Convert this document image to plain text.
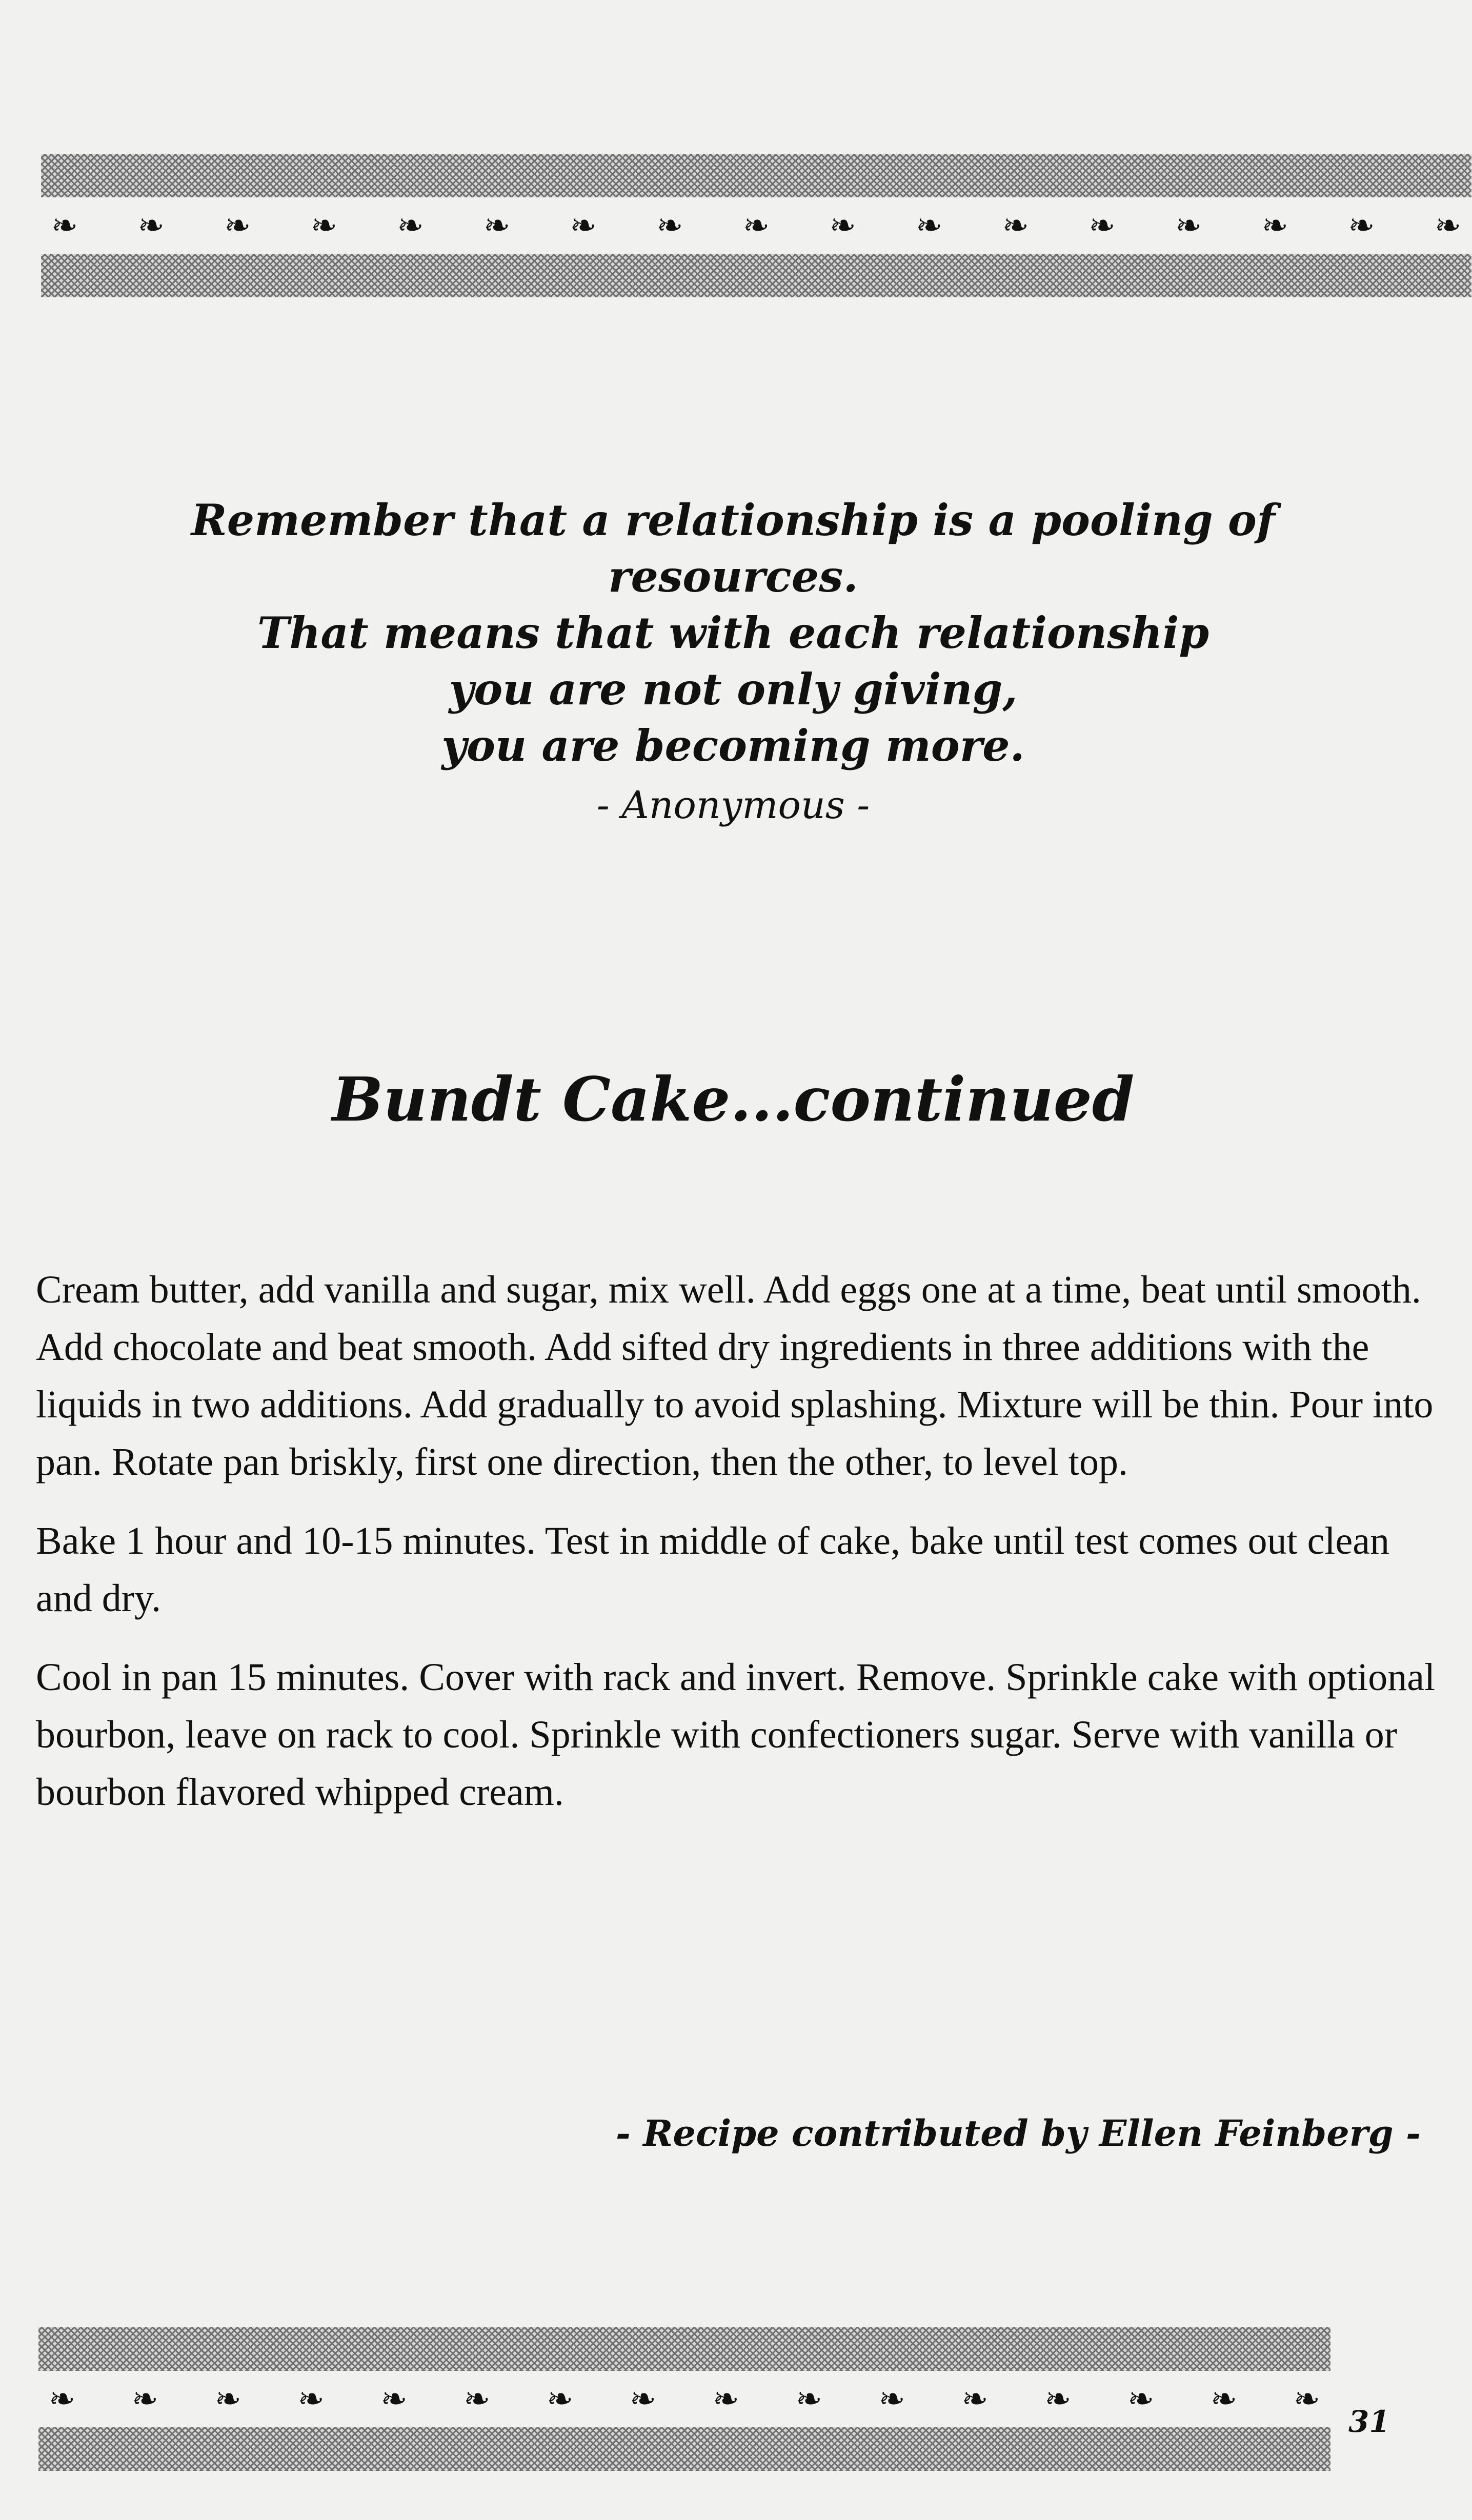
❧ ❧ ❧ ❧ ❧ ❧ ❧ ❧ ❧ ❧ ❧ ❧ ❧ ❧ ❧ ❧ ❧
Remember that a relationship is a pooling of resources.
That means that with each relationship
you are not only giving,
you are becoming more.
- Anonymous -
Bundt Cake...continued

Cream butter, add vanilla and sugar, mix well. Add eggs one at a time, beat until smooth. Add chocolate and beat smooth. Add sifted dry ingredients in three additions with the liquids in two additions. Add gradually to avoid splashing. Mixture will be thin. Pour into pan. Rotate pan briskly, first one direction, then the other, to level top.

Bake 1 hour and 10-15 minutes. Test in middle of cake, bake until test comes out clean and dry.

Cool in pan 15 minutes. Cover with rack and invert. Remove. Sprinkle cake with optional bourbon, leave on rack to cool. Sprinkle with confectioners sugar. Serve with vanilla or bourbon flavored whipped cream.

- Recipe contributed by Ellen Feinberg -
❧ ❧ ❧ ❧ ❧ ❧ ❧ ❧ ❧ ❧ ❧ ❧ ❧ ❧ ❧ ❧
31
